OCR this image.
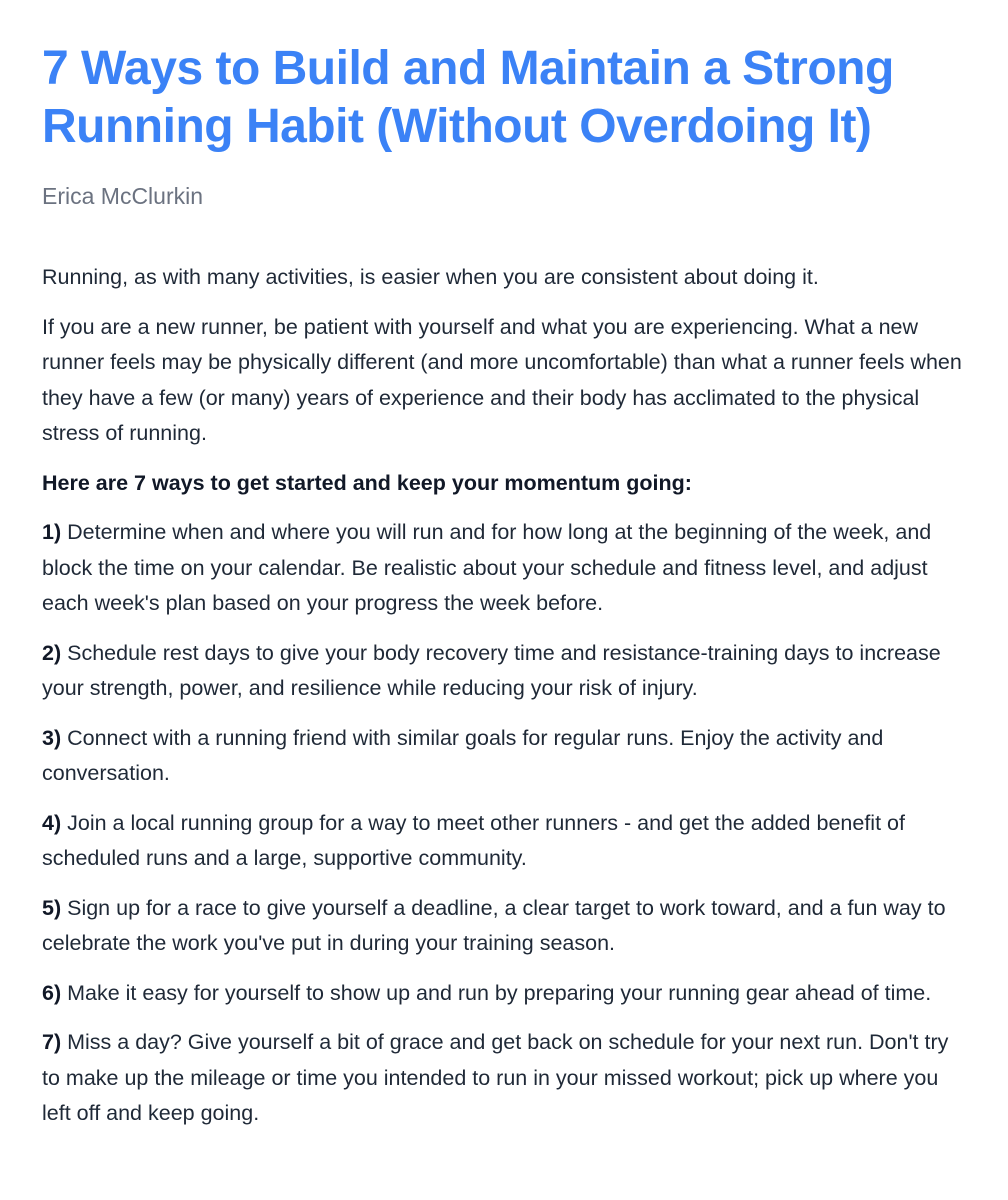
7 Ways to Build and Maintain a Strong Running Habit (Without Overdoing It)

Erica McClurkin

Running, as with many activities, is easier when you are consistent about doing it.

If you are a new runner, be patient with yourself and what you are experiencing. What a new runner feels may be physically different (and more uncomfortable) than what a runner feels when they have a few (or many) years of experience and their body has acclimated to the physical stress of running.

Here are 7 ways to get started and keep your momentum going:

1) Determine when and where you will run and for how long at the beginning of the week, and block the time on your calendar. Be realistic about your schedule and fitness level, and adjust each week's plan based on your progress the week before.

2) Schedule rest days to give your body recovery time and resistance-training days to increase your strength, power, and resilience while reducing your risk of injury.

3) Connect with a running friend with similar goals for regular runs. Enjoy the activity and conversation.

4) Join a local running group for a way to meet other runners - and get the added benefit of scheduled runs and a large, supportive community.

5) Sign up for a race to give yourself a deadline, a clear target to work toward, and a fun way to celebrate the work you've put in during your training season.

6) Make it easy for yourself to show up and run by preparing your running gear ahead of time.

7) Miss a day? Give yourself a bit of grace and get back on schedule for your next run. Don't try to make up the mileage or time you intended to run in your missed workout; pick up where you left off and keep going.
